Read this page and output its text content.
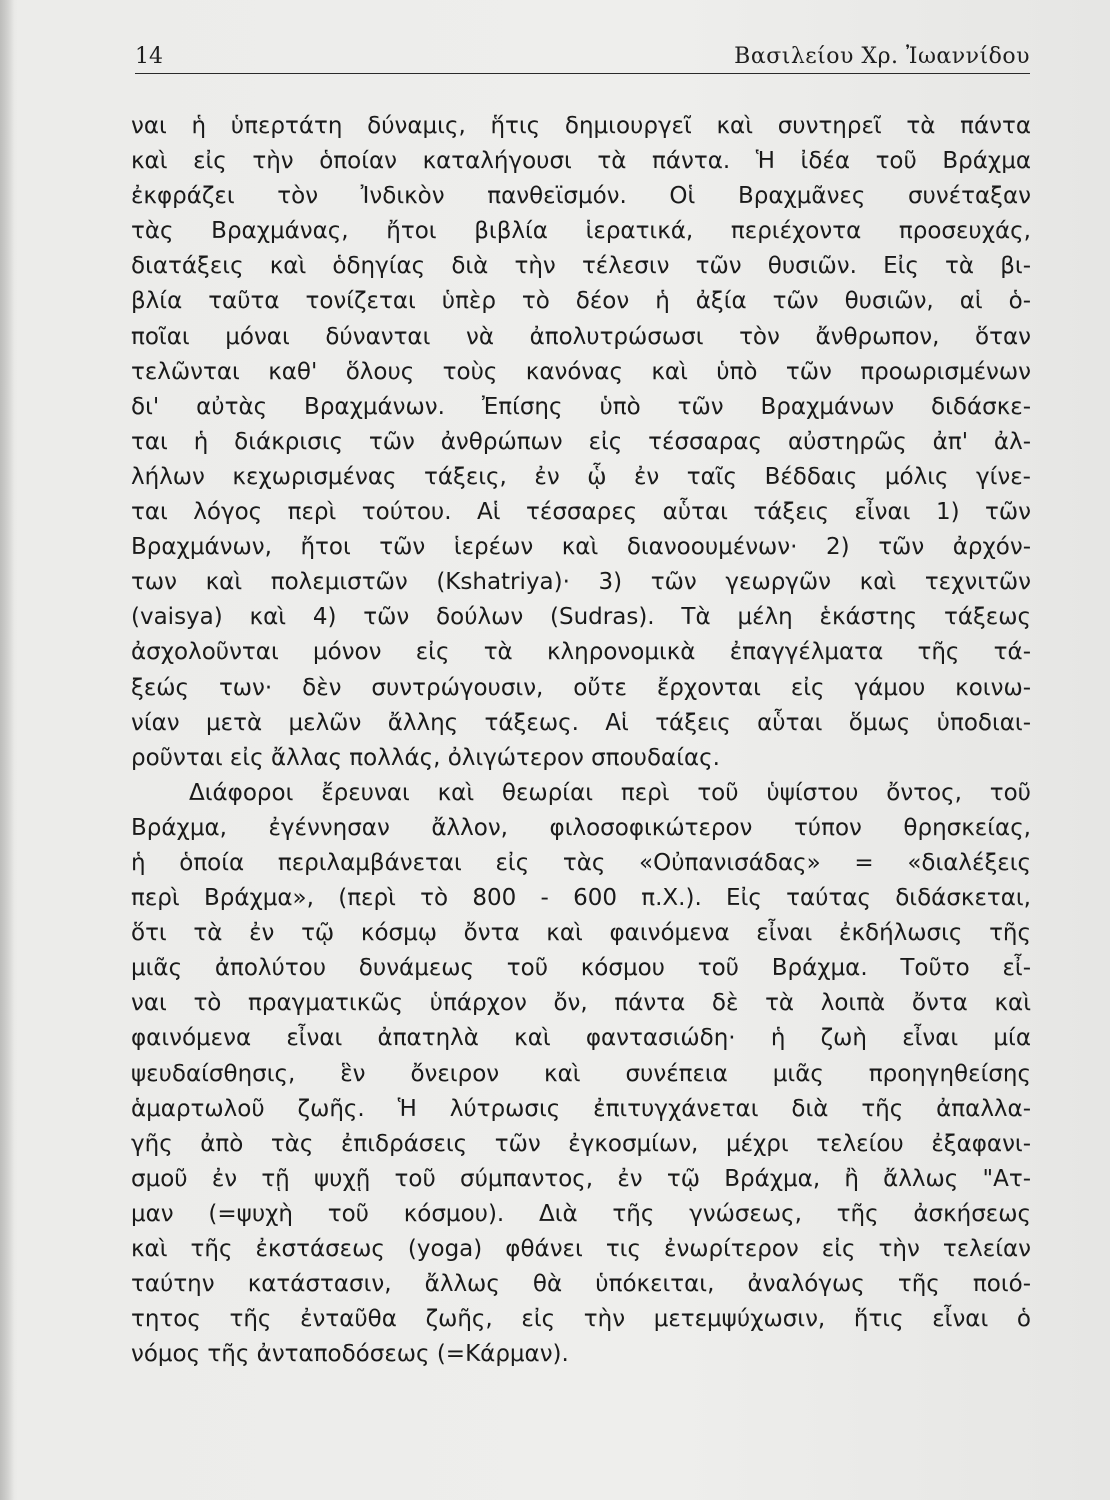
14	Βασιλείου Χρ. Ἰωαννίδου
ναι ἡ ὑπερτάτη δύναμις, ἥτις δημιουργεῖ καὶ συντηρεῖ τὰ πάντα
καὶ εἰς τὴν ὁποίαν καταλήγουσι τὰ πάντα. Ἡ ἰδέα τοῦ Βράχμα
ἐκφράζει τὸν Ἰνδικὸν πανθεϊσμόν. Οἱ Βραχμᾶνες συνέταξαν
τὰς Βραχμάνας, ἤτοι βιβλία ἱερατικά, περιέχοντα προσευχάς,
διατάξεις καὶ ὁδηγίας διὰ τὴν τέλεσιν τῶν θυσιῶν. Εἰς τὰ βι-
βλία ταῦτα τονίζεται ὑπὲρ τὸ δέον ἡ ἀξία τῶν θυσιῶν, αἱ ὁ-
ποῖαι μόναι δύνανται νὰ ἀπολυτρώσωσι τὸν ἄνθρωπον, ὅταν
τελῶνται καθ' ὅλους τοὺς κανόνας καὶ ὑπὸ τῶν προωρισμένων
δι' αὐτὰς Βραχμάνων. Ἐπίσης ὑπὸ τῶν Βραχμάνων διδάσκε-
ται ἡ διάκρισις τῶν ἀνθρώπων εἰς τέσσαρας αὐστηρῶς ἀπ' ἀλ-
λήλων κεχωρισμένας τάξεις, ἐν ᾧ ἐν ταῖς Βέδδαις μόλις γίνε-
ται λόγος περὶ τούτου. Αἱ τέσσαρες αὗται τάξεις εἶναι 1) τῶν
Βραχμάνων, ἤτοι τῶν ἱερέων καὶ διανοουμένων· 2) τῶν ἀρχόν-
των καὶ πολεμιστῶν (Kshatriya)· 3) τῶν γεωργῶν καὶ τεχνιτῶν
(vaisya) καὶ 4) τῶν δούλων (Sudras). Τὰ μέλη ἑκάστης τάξεως
ἀσχολοῦνται μόνον εἰς τὰ κληρονομικὰ ἐπαγγέλματα τῆς τά-
ξεώς των· δὲν συντρώγουσιν, οὔτε ἔρχονται εἰς γάμου κοινω-
νίαν μετὰ μελῶν ἄλλης τάξεως. Αἱ τάξεις αὗται ὅμως ὑποδιαι-
ροῦνται εἰς ἄλλας πολλάς, ὀλιγώτερον σπουδαίας.
Διάφοροι ἔρευναι καὶ θεωρίαι περὶ τοῦ ὑψίστου ὄντος, τοῦ
Βράχμα, ἐγέννησαν ἄλλον, φιλοσοφικώτερον τύπον θρησκείας,
ἡ ὁποία περιλαμβάνεται εἰς τὰς «Οὐπανισάδας» = «διαλέξεις
περὶ Βράχμα», (περὶ τὸ 800 - 600 π.Χ.). Εἰς ταύτας διδάσκεται,
ὅτι τὰ ἐν τῷ κόσμῳ ὄντα καὶ φαινόμενα εἶναι ἐκδήλωσις τῆς
μιᾶς ἀπολύτου δυνάμεως τοῦ κόσμου τοῦ Βράχμα. Τοῦτο εἶ-
ναι τὸ πραγματικῶς ὑπάρχον ὄν, πάντα δὲ τὰ λοιπὰ ὄντα καὶ
φαινόμενα εἶναι ἀπατηλὰ καὶ φαντασιώδη· ἡ ζωὴ εἶναι μία
ψευδαίσθησις, ἓν ὄνειρον καὶ συνέπεια μιᾶς προηγηθείσης
ἁμαρτωλοῦ ζωῆς. Ἡ λύτρωσις ἐπιτυγχάνεται διὰ τῆς ἀπαλλα-
γῆς ἀπὸ τὰς ἐπιδράσεις τῶν ἐγκοσμίων, μέχρι τελείου ἐξαφανι-
σμοῦ ἐν τῇ ψυχῇ τοῦ σύμπαντος, ἐν τῷ Βράχμα, ἢ ἄλλως "Ατ-
μαν (=ψυχὴ τοῦ κόσμου). Διὰ τῆς γνώσεως, τῆς ἀσκήσεως
καὶ τῆς ἐκστάσεως (yoga) φθάνει τις ἐνωρίτερον εἰς τὴν τελείαν
ταύτην κατάστασιν, ἄλλως θὰ ὑπόκειται, ἀναλόγως τῆς ποιό-
τητος τῆς ἐνταῦθα ζωῆς, εἰς τὴν μετεμψύχωσιν, ἥτις εἶναι ὁ
νόμος τῆς ἀνταποδόσεως (=Κάρμαν).
